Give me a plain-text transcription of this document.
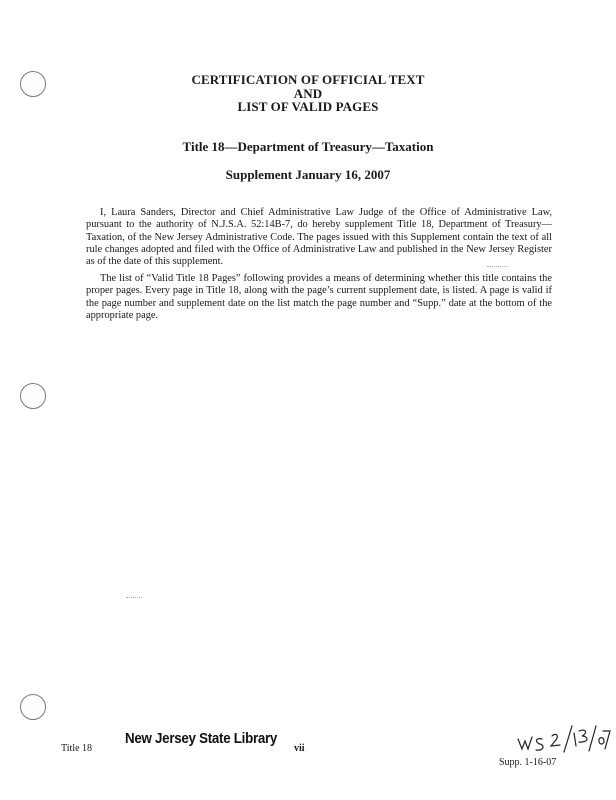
CERTIFICATION OF OFFICIAL TEXT
AND
LIST OF VALID PAGES
Title 18—Department of Treasury—Taxation
Supplement January 16, 2007

I, Laura Sanders, Director and Chief Administrative Law Judge of the Office of Administrative Law, pursuant to the authority of N.J.S.A. 52:14B-7, do hereby supplement Title 18, Department of Treasury—Taxation, of the New Jersey Administrative Code. The pages issued with this Supplement contain the text of all rule changes adopted and filed with the Office of Administrative Law and published in the New Jersey Register as of the date of this supplement.

The list of “Valid Title 18 Pages” following provides a means of determining whether this title contains the proper pages. Every page in Title 18, along with the page’s current supplement date, is listed. A page is valid if the page number and supplement date on the list match the page number and “Supp.” date at the bottom of the appropriate page.

New Jersey State Library
Title 18	vii
Supp. 1-16-07
